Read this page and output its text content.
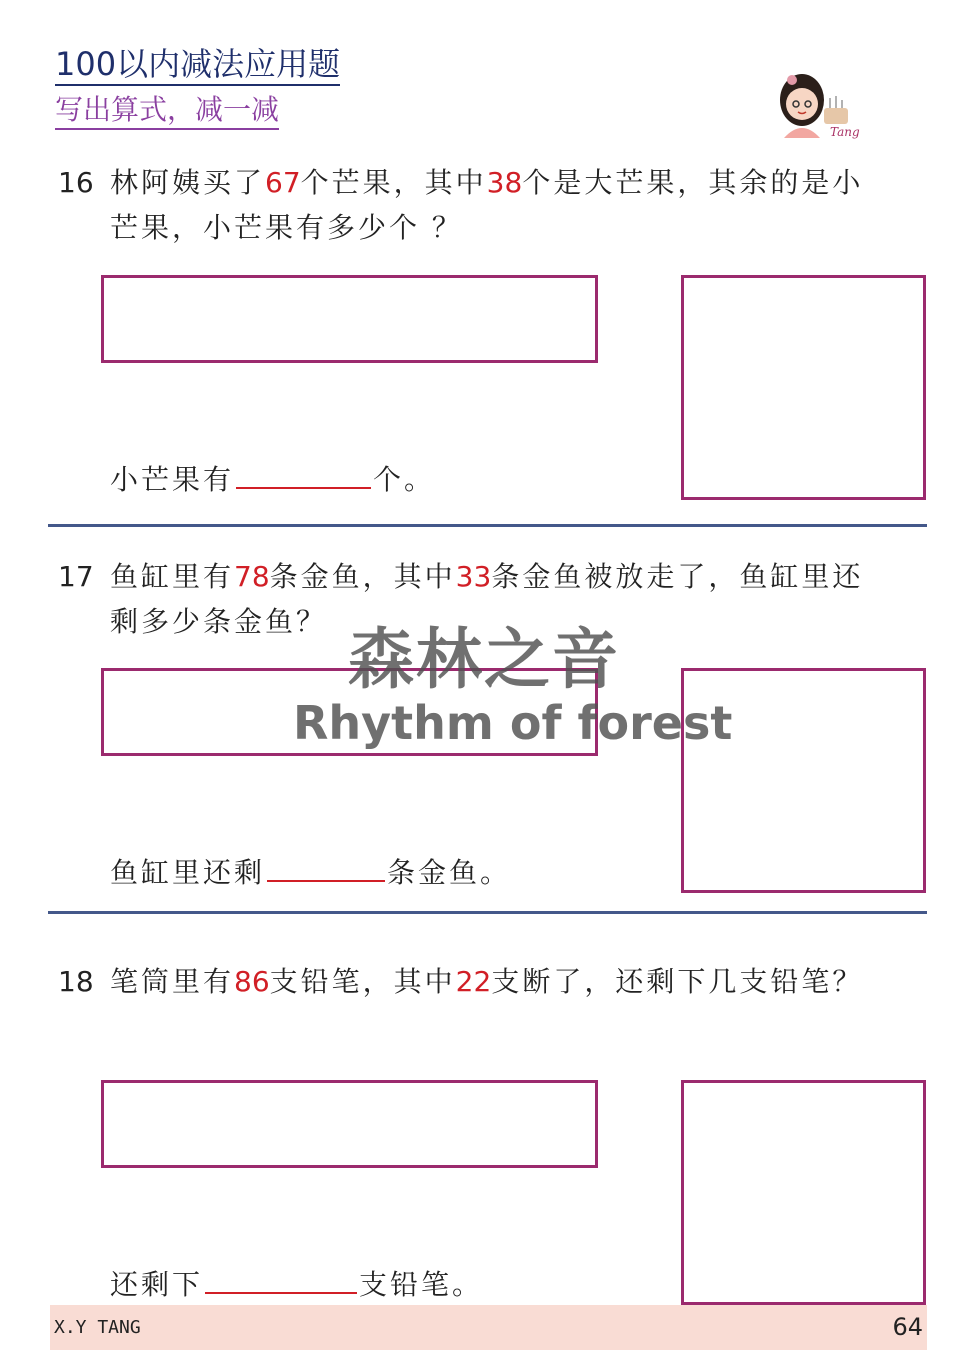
100以内减法应用题
写出算式，减一减
Tang
16 林阿姨买了67个芒果，其中38个是大芒果，其余的是小芒果，小芒果有多少个 ？
小芒果有	个。
17 鱼缸里有78条金鱼，其中33条金鱼被放走了，鱼缸里还剩多少条金鱼？
鱼缸里还剩	条金鱼。
18 笔筒里有86支铅笔，其中22支断了，还剩下几支铅笔？
还剩下	支铅笔。
森林之音
Rhythm of forest
X.Y TANG	64
